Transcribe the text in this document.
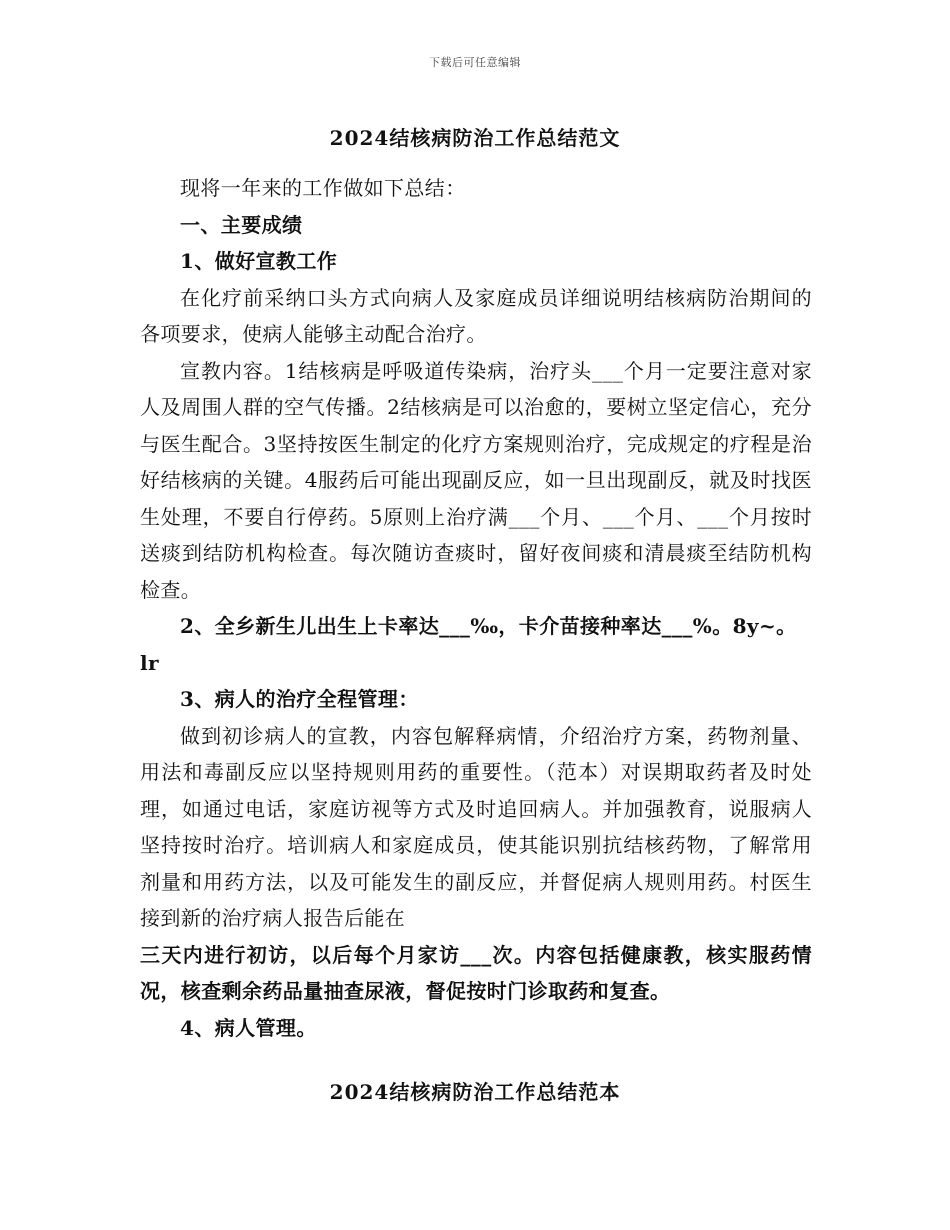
下载后可任意编辑
2024结核病防治工作总结范文

现将一年来的工作做如下总结：

一、主要成绩

1、做好宣教工作

在化疗前采纳口头方式向病人及家庭成员详细说明结核病防治期间的各项要求，使病人能够主动配合治疗。

宣教内容。1结核病是呼吸道传染病，治疗头___个月一定要注意对家人及周围人群的空气传播。2结核病是可以治愈的，要树立坚定信心，充分与医生配合。3坚持按医生制定的化疗方案规则治疗，完成规定的疗程是治好结核病的关键。4服药后可能出现副反应，如一旦出现副反，就及时找医生处理，不要自行停药。5原则上治疗满___个月、___个月、___个月按时送痰到结防机构检查。每次随访查痰时，留好夜间痰和清晨痰至结防机构检查。

2、全乡新生儿出生上卡率达___‰，卡介苗接种率达___%。8y~。

lr

3、病人的治疗全程管理：

做到初诊病人的宣教，内容包解释病情，介绍治疗方案，药物剂量、用法和毒副反应以坚持规则用药的重要性。（范本）对误期取药者及时处理，如通过电话，家庭访视等方式及时追回病人。并加强教育，说服病人坚持按时治疗。培训病人和家庭成员，使其能识别抗结核药物，了解常用剂量和用药方法，以及可能发生的副反应，并督促病人规则用药。村医生接到新的治疗病人报告后能在

三天内进行初访，以后每个月家访___次。内容包括健康教，核实服药情况，核查剩余药品量抽查尿液，督促按时门诊取药和复查。

4、病人管理。

2024结核病防治工作总结范本
